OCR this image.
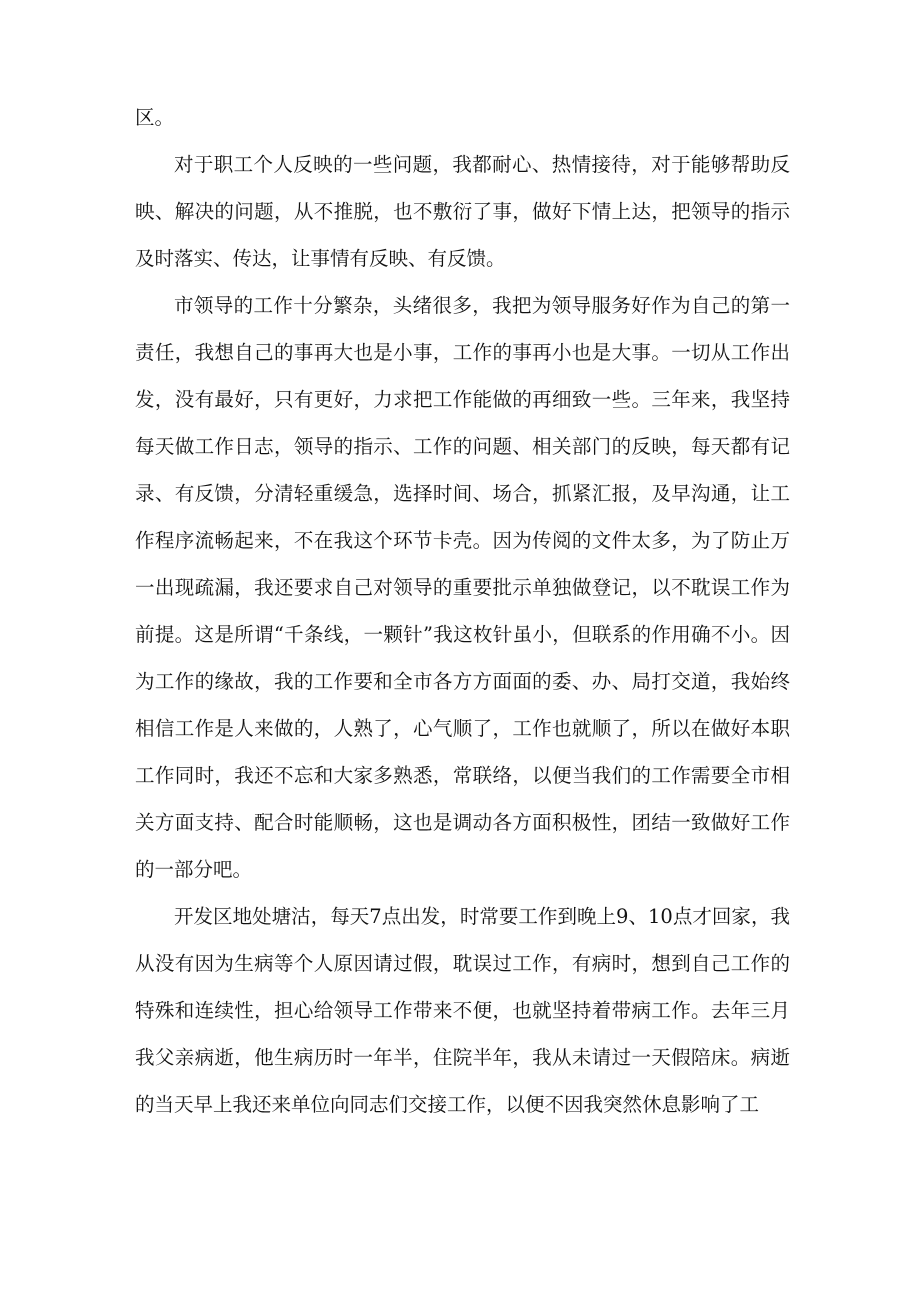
区。

对于职工个人反映的一些问题，我都耐心、热情接待，对于能够帮助反映、解决的问题，从不推脱，也不敷衍了事，做好下情上达，把领导的指示及时落实、传达，让事情有反映、有反馈。

市领导的工作十分繁杂，头绪很多，我把为领导服务好作为自己的第一责任，我想自己的事再大也是小事，工作的事再小也是大事。一切从工作出发，没有最好，只有更好，力求把工作能做的再细致一些。三年来，我坚持每天做工作日志，领导的指示、工作的问题、相关部门的反映，每天都有记录、有反馈，分清轻重缓急，选择时间、场合，抓紧汇报，及早沟通，让工作程序流畅起来，不在我这个环节卡壳。因为传阅的文件太多，为了防止万一出现疏漏，我还要求自己对领导的重要批示单独做登记，以不耽误工作为前提。这是所谓“千条线，一颗针”我这枚针虽小，但联系的作用确不小。因为工作的缘故，我的工作要和全市各方方面面的委、办、局打交道，我始终相信工作是人来做的，人熟了，心气顺了，工作也就顺了，所以在做好本职工作同时，我还不忘和大家多熟悉，常联络，以便当我们的工作需要全市相关方面支持、配合时能顺畅，这也是调动各方面积极性，团结一致做好工作的一部分吧。

开发区地处塘沽，每天7点出发，时常要工作到晚上9、10点才回家，我从没有因为生病等个人原因请过假，耽误过工作，有病时，想到自己工作的特殊和连续性，担心给领导工作带来不便，也就坚持着带病工作。去年三月我父亲病逝，他生病历时一年半，住院半年，我从未请过一天假陪床。病逝的当天早上我还来单位向同志们交接工作，以便不因我突然休息影响了工
